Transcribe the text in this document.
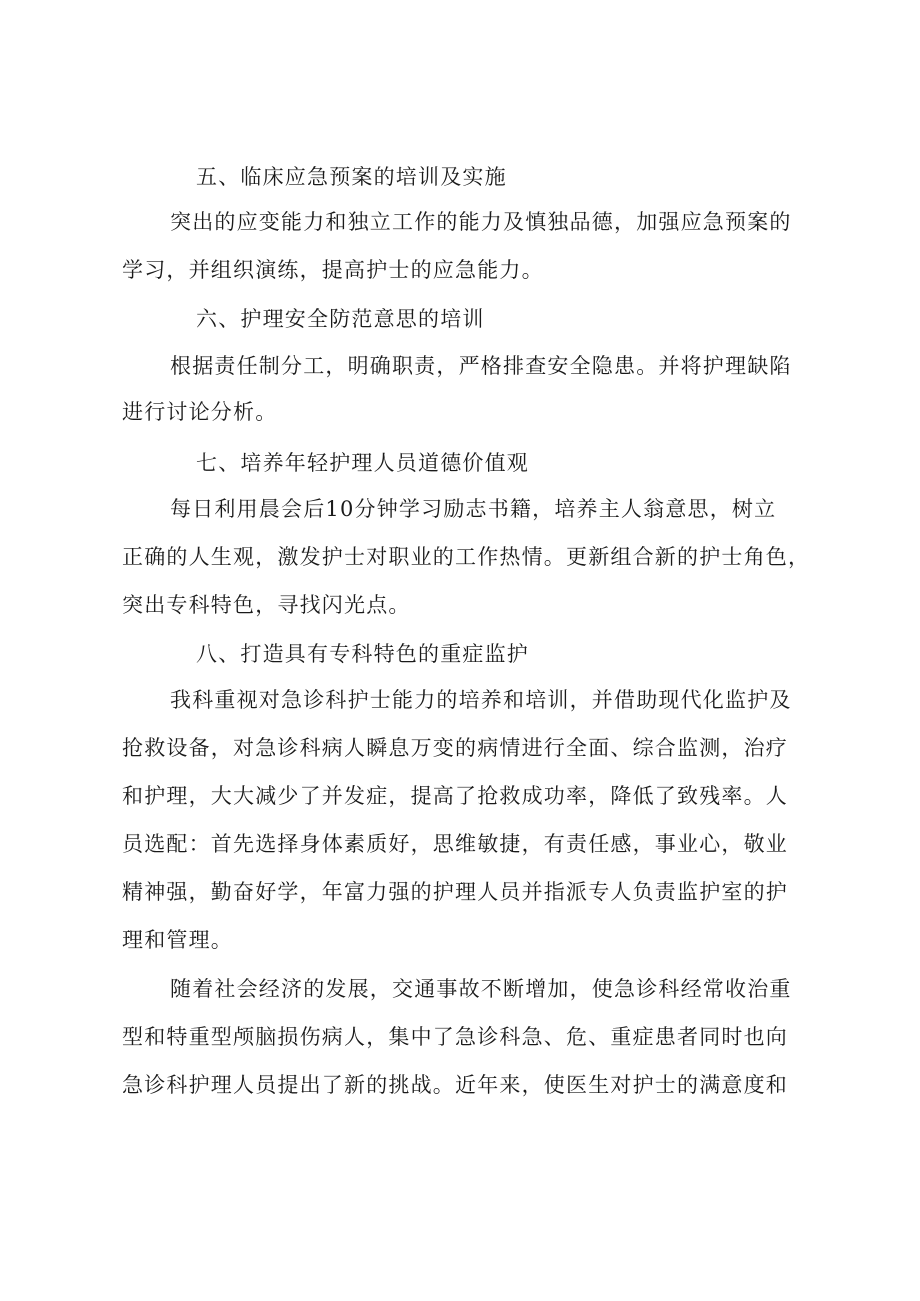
五、临床应急预案的培训及实施
突出的应变能力和独立工作的能力及慎独品德，加强应急预案的
学习，并组织演练，提高护士的应急能力。
六、护理安全防范意思的培训
根据责任制分工，明确职责，严格排查安全隐患。并将护理缺陷
进行讨论分析。
七、培养年轻护理人员道德价值观
每日利用晨会后10分钟学习励志书籍，培养主人翁意思，树立
正确的人生观，激发护士对职业的工作热情。更新组合新的护士角色，
突出专科特色，寻找闪光点。
八、打造具有专科特色的重症监护
我科重视对急诊科护士能力的培养和培训，并借助现代化监护及
抢救设备，对急诊科病人瞬息万变的病情进行全面、综合监测，治疗
和护理，大大减少了并发症，提高了抢救成功率，降低了致残率。人
员选配：首先选择身体素质好，思维敏捷，有责任感，事业心，敬业
精神强，勤奋好学，年富力强的护理人员并指派专人负责监护室的护
理和管理。
随着社会经济的发展，交通事故不断增加，使急诊科经常收治重
型和特重型颅脑损伤病人，集中了急诊科急、危、重症患者同时也向
急诊科护理人员提出了新的挑战。近年来，使医生对护士的满意度和
